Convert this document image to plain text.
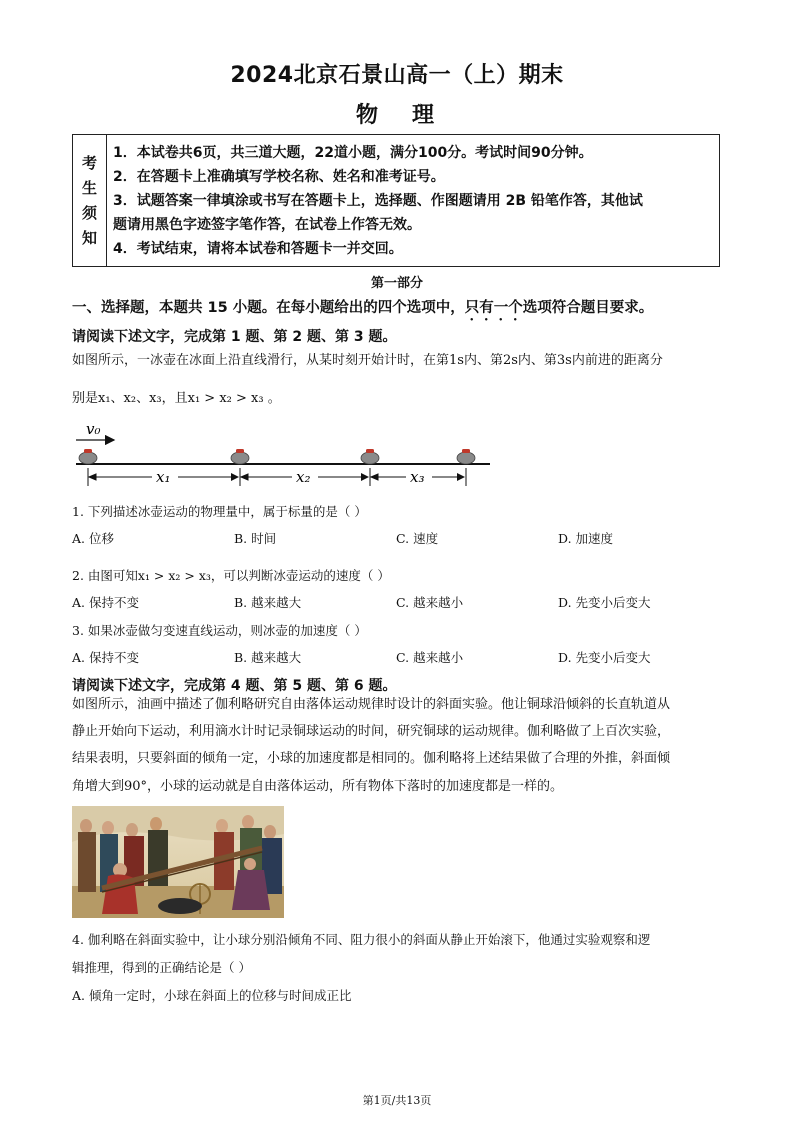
2024北京石景山高一（上）期末
物理
考
生
须
知
1．本试卷共6页，共三道大题，22道小题，满分100分。考试时间90分钟。
2．在答题卡上准确填写学校名称、姓名和准考证号。
3．试题答案一律填涂或书写在答题卡上，选择题、作图题请用 2B 铅笔作答，其他试
题请用黑色字迹签字笔作答，在试卷上作答无效。
4．考试结束，请将本试卷和答题卡一并交回。
第一部分
一、选择题，本题共 15 小题。在每小题给出的四个选项中，只有一个选项符合题目要求。
请阅读下述文字，完成第 1 题、第 2 题、第 3 题。
如图所示，一冰壶在冰面上沿直线滑行，从某时刻开始计时，在第1s内、第2s内、第3s内前进的距离分
别是x₁、x₂、x₃，且x₁ > x₂ > x₃ 。
v₀
x₁	x₂	x₃
1. 下列描述冰壶运动的物理量中，属于标量的是（ ）
A. 位移	B. 时间	C. 速度	D. 加速度
2. 由图可知x₁ > x₂ > x₃，可以判断冰壶运动的速度（ ）
A. 保持不变	B. 越来越大	C. 越来越小	D. 先变小后变大
3. 如果冰壶做匀变速直线运动，则冰壶的加速度（ ）
A. 保持不变	B. 越来越大	C. 越来越小	D. 先变小后变大
请阅读下述文字，完成第 4 题、第 5 题、第 6 题。
如图所示，油画中描述了伽利略研究自由落体运动规律时设计的斜面实验。他让铜球沿倾斜的长直轨道从
静止开始向下运动，利用滴水计时记录铜球运动的时间，研究铜球的运动规律。伽利略做了上百次实验，
结果表明，只要斜面的倾角一定，小球的加速度都是相同的。伽利略将上述结果做了合理的外推，斜面倾
角增大到90°，小球的运动就是自由落体运动，所有物体下落时的加速度都是一样的。
4. 伽利略在斜面实验中，让小球分别沿倾角不同、阻力很小的斜面从静止开始滚下，他通过实验观察和逻
辑推理，得到的正确结论是（ ）
A. 倾角一定时，小球在斜面上的位移与时间成正比
第1页/共13页
